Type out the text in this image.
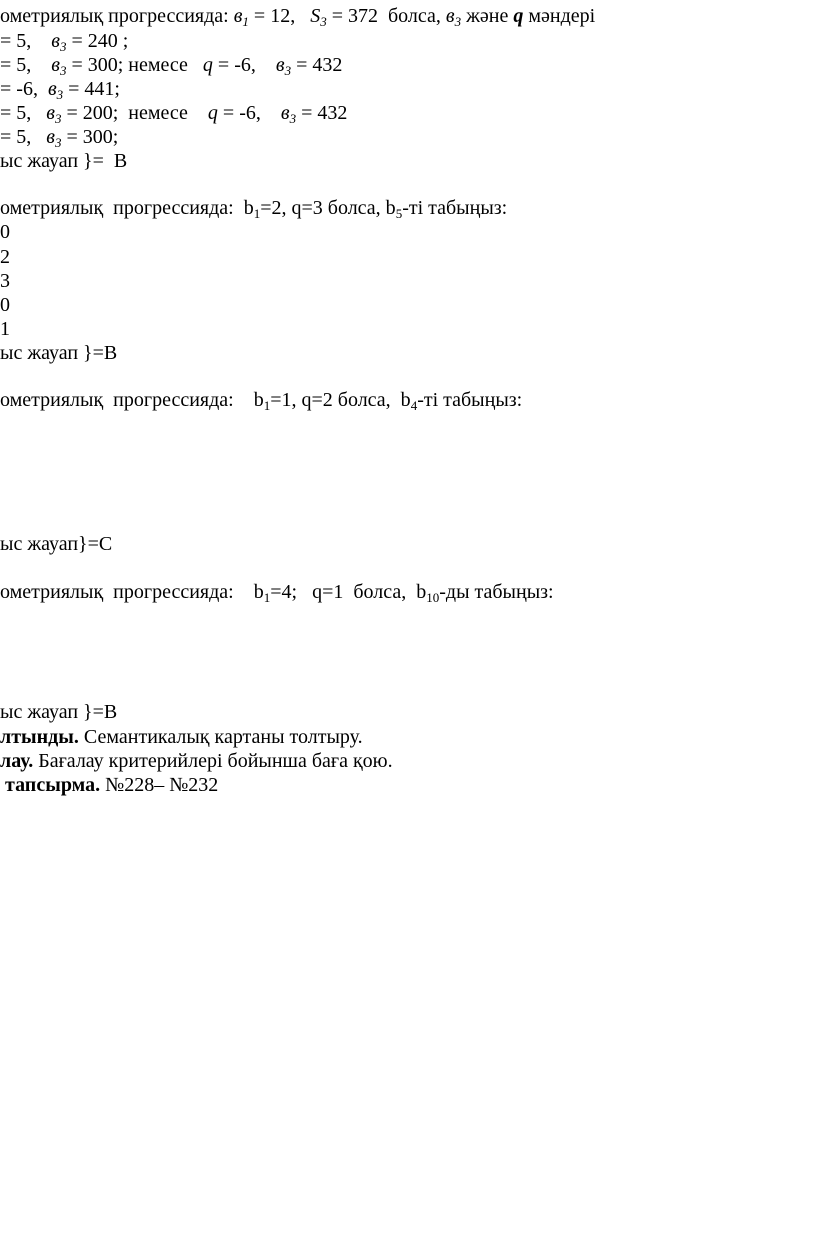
ометриялық прогрессияда: $в_1 = 12$,   $S_3 = 372$  болса, $в_3$ және q мәндері
= 5,    $в_3 = 240$ ;
= 5,    $в_3 = 300$; немесе   q = -6,    $в_3 = 432$
= -6,  $в_3 = 441$;
= 5,   $в_3 = 200$;  немесе    q = -6,    $в_3 = 432$
= 5,   $в_3 = 300$;
ыс жауап }=  В
ометриялық  прогрессияда:  $b_1=2$, q=3 болса, $b_5-ті$ табыңыз:
0
2
3
0
1
ыс жауап }=В
ометриялық  прогрессияда:    $b_1=1$, q=2 болса,  $b_4-ті$ табыңыз:
ыс жауап}=С
ометриялық  прогрессияда:    $b_1=4$;   q=1  болса,  $b_{10}-ды$ табыңыз:
ыс жауап }=В
лтынды. Семантикалық картаны толтыру.
лау. Бағалау критерийлері бойынша баға қою.
тапсырма. №228– №232
